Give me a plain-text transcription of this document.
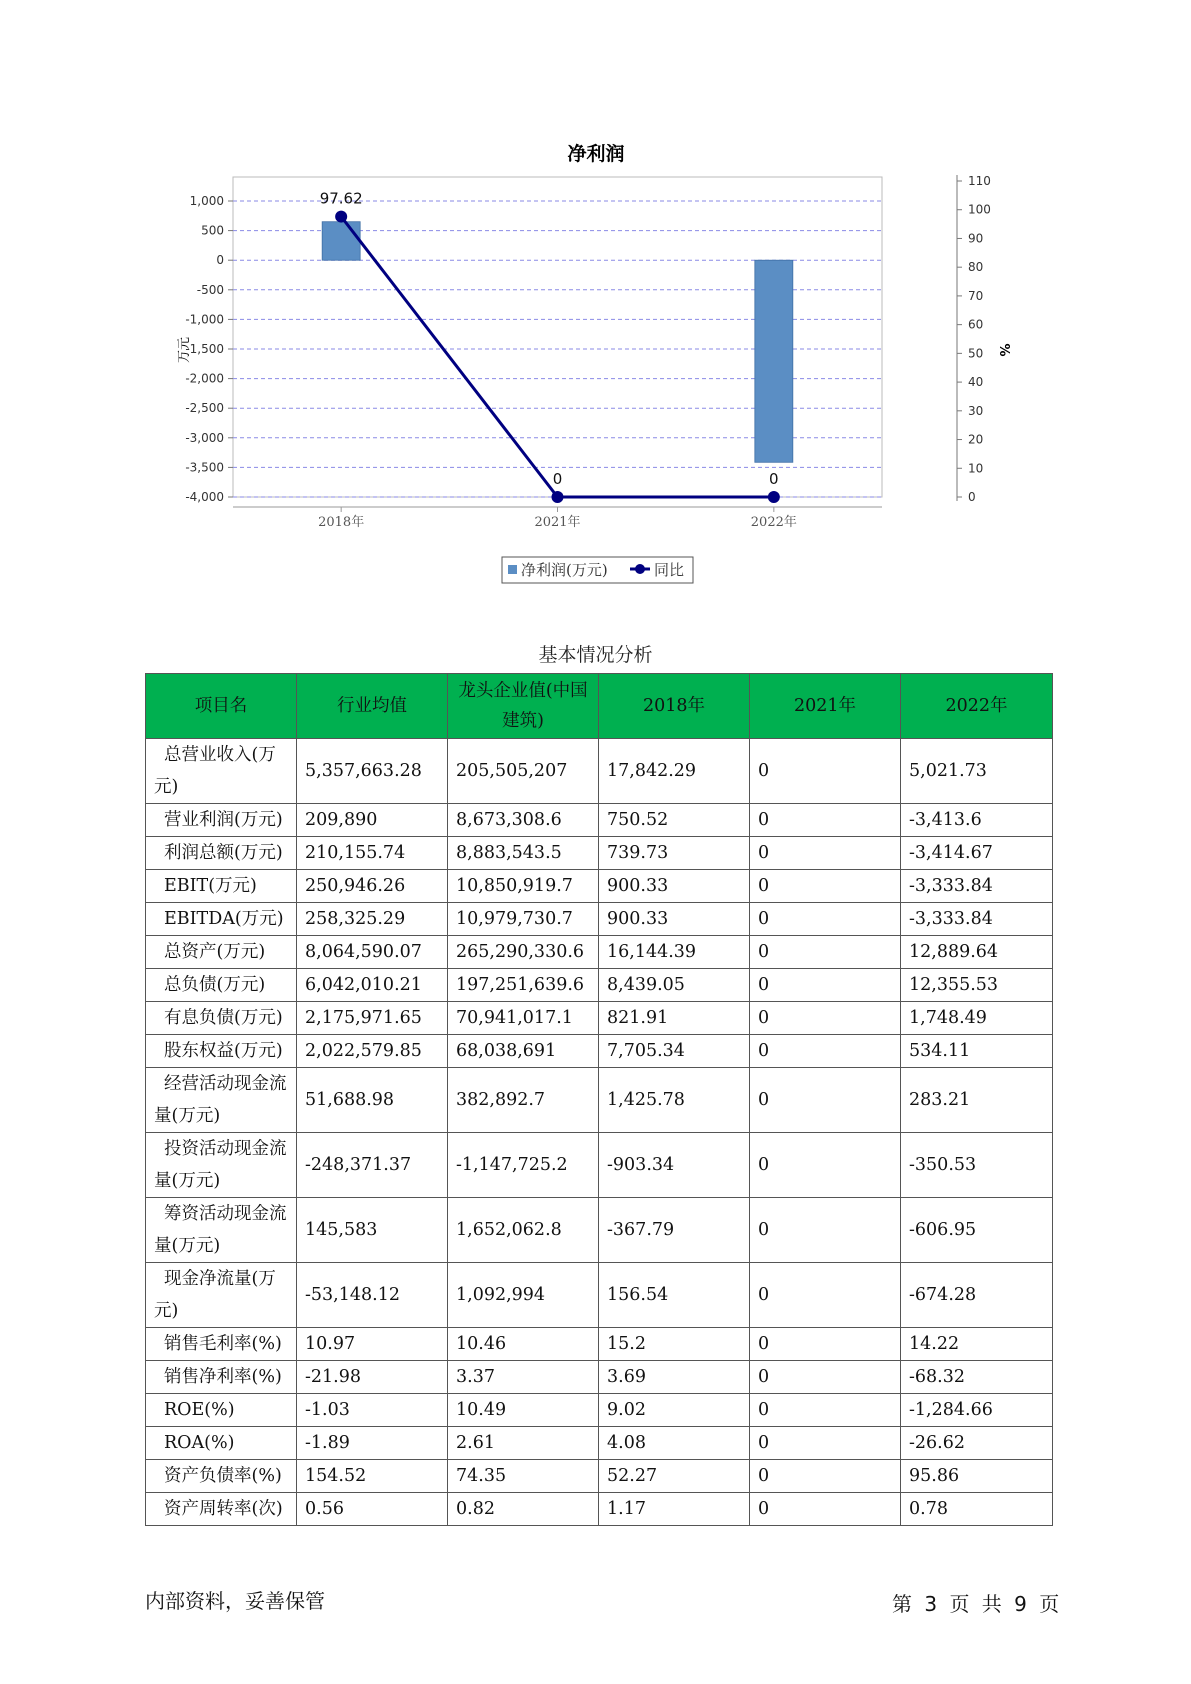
净利润
1,000
500
0
-500
-1,000
-1,500
-2,000
-2,500
-3,000
-3,500
-4,000
110
100
90
80
70
60
50
40
30
20
10
0
万元	%
97.62
0	0
2018年	2021年	2022年
净利润(万元)	同比
基本情况分析
项目名	行业均值	龙头企业值(中国建筑)	2018年	2021年	2022年
总营业收入(万元)	5,357,663.28	205,505,207	17,842.29	0	5,021.73
营业利润(万元)	209,890	8,673,308.6	750.52	0	-3,413.6
利润总额(万元)	210,155.74	8,883,543.5	739.73	0	-3,414.67
EBIT(万元)	250,946.26	10,850,919.7	900.33	0	-3,333.84
EBITDA(万元)	258,325.29	10,979,730.7	900.33	0	-3,333.84
总资产(万元)	8,064,590.07	265,290,330.6	16,144.39	0	12,889.64
总负债(万元)	6,042,010.21	197,251,639.6	8,439.05	0	12,355.53
有息负债(万元)	2,175,971.65	70,941,017.1	821.91	0	1,748.49
股东权益(万元)	2,022,579.85	68,038,691	7,705.34	0	534.11
经营活动现金流量(万元)	51,688.98	382,892.7	1,425.78	0	283.21
投资活动现金流量(万元)	-248,371.37	-1,147,725.2	-903.34	0	-350.53
筹资活动现金流量(万元)	145,583	1,652,062.8	-367.79	0	-606.95
现金净流量(万元)	-53,148.12	1,092,994	156.54	0	-674.28
销售毛利率(%)	10.97	10.46	15.2	0	14.22
销售净利率(%)	-21.98	3.37	3.69	0	-68.32
ROE(%)	-1.03	10.49	9.02	0	-1,284.66
ROA(%)	-1.89	2.61	4.08	0	-26.62
资产负债率(%)	154.52	74.35	52.27	0	95.86
资产周转率(次)	0.56	0.82	1.17	0	0.78
内部资料，妥善保管	第 3 页 共 9 页
